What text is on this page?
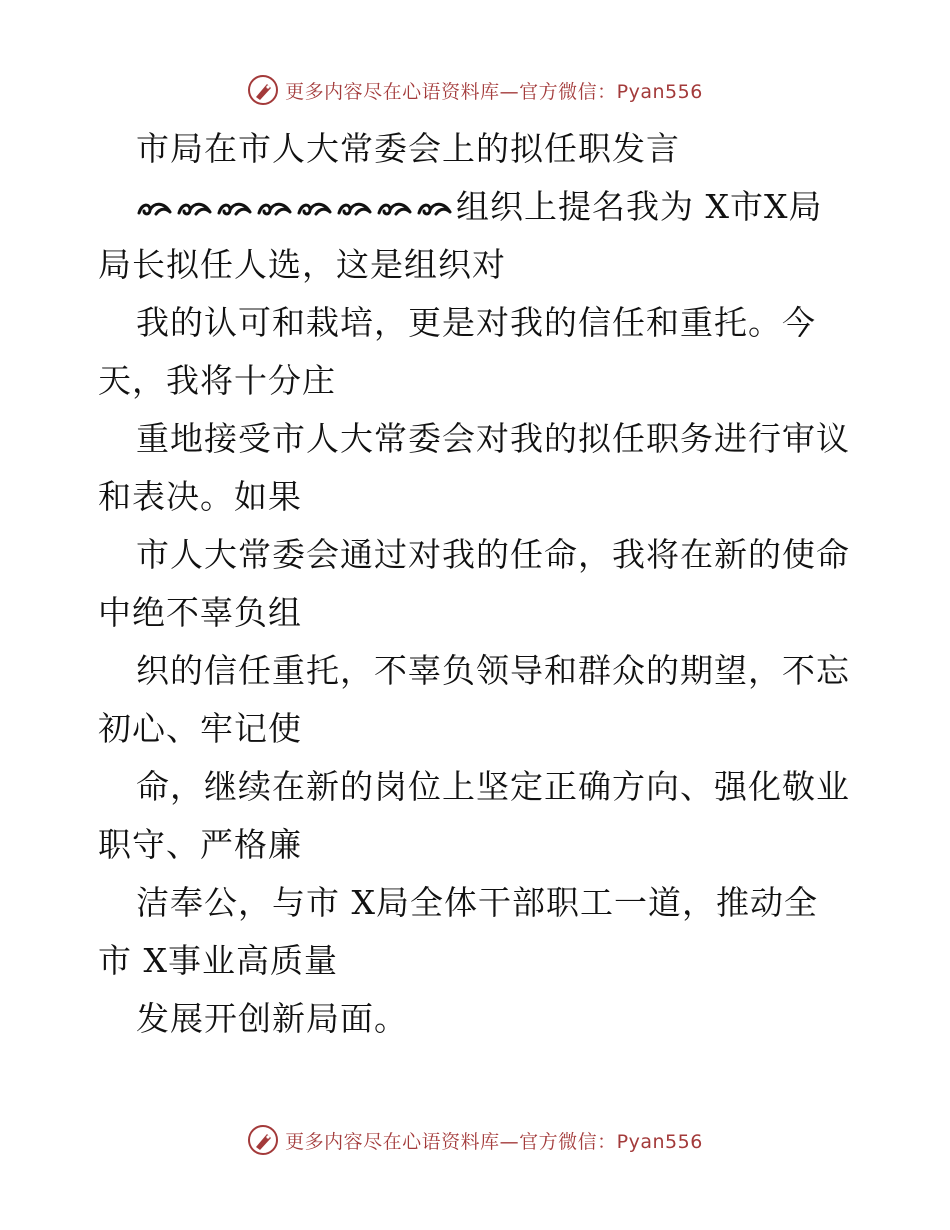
更多内容尽在心语资料库—官方微信：Pyan556
市局在市人大常委会上的拟任职发言
组织上提名我为 X市X局
局长拟任人选，这是组织对
我的认可和栽培，更是对我的信任和重托。今
天，我将十分庄
重地接受市人大常委会对我的拟任职务进行审议
和表决。如果
市人大常委会通过对我的任命，我将在新的使命
中绝不辜负组
织的信任重托，不辜负领导和群众的期望，不忘
初心、牢记使
命，继续在新的岗位上坚定正确方向、强化敬业
职守、严格廉
洁奉公，与市 X局全体干部职工一道，推动全
市 X事业高质量
发展开创新局面。
更多内容尽在心语资料库—官方微信：Pyan556
